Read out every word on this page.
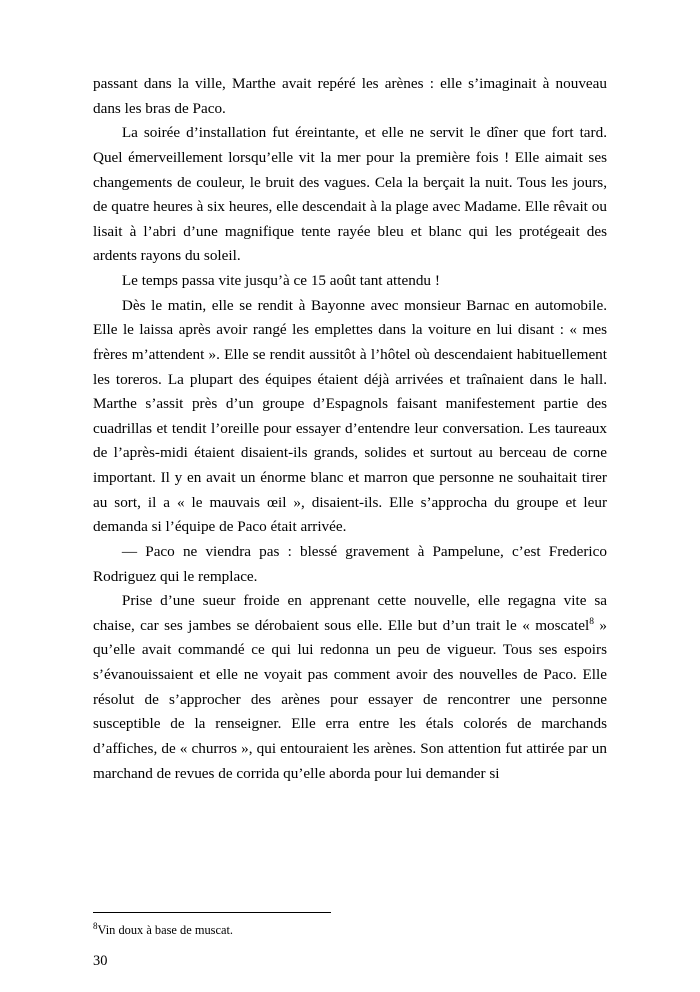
passant dans la ville, Marthe avait repéré les arènes : elle s’imaginait à nouveau dans les bras de Paco.

La soirée d’installation fut éreintante, et elle ne servit le dîner que fort tard. Quel émerveillement lorsqu’elle vit la mer pour la première fois ! Elle aimait ses changements de couleur, le bruit des vagues. Cela la berçait la nuit. Tous les jours, de quatre heures à six heures, elle descendait à la plage avec Madame. Elle rêvait ou lisait à l’abri d’une magnifique tente rayée bleu et blanc qui les protégeait des ardents rayons du soleil.

Le temps passa vite jusqu’à ce 15 août tant attendu !

Dès le matin, elle se rendit à Bayonne avec monsieur Barnac en automobile. Elle le laissa après avoir rangé les emplettes dans la voiture en lui disant : « mes frères m’attendent ». Elle se rendit aussitôt à l’hôtel où descendaient habituellement les toreros. La plupart des équipes étaient déjà arrivées et traînaient dans le hall. Marthe s’assit près d’un groupe d’Espagnols faisant manifestement partie des cuadrillas et tendit l’oreille pour essayer d’entendre leur conversation. Les taureaux de l’après-midi étaient disaient-ils grands, solides et surtout au berceau de corne important. Il y en avait un énorme blanc et marron que personne ne souhaitait tirer au sort, il a « le mauvais œil », disaient-ils. Elle s’approcha du groupe et leur demanda si l’équipe de Paco était arrivée.

— Paco ne viendra pas : blessé gravement à Pampelune, c’est Frederico Rodriguez qui le remplace.

Prise d’une sueur froide en apprenant cette nouvelle, elle regagna vite sa chaise, car ses jambes se dérobaient sous elle. Elle but d’un trait le « moscatel$^8$ » qu’elle avait commandé ce qui lui redonna un peu de vigueur. Tous ses espoirs s’évanouissaient et elle ne voyait pas comment avoir des nouvelles de Paco. Elle résolut de s’approcher des arènes pour essayer de rencontrer une personne susceptible de la renseigner. Elle erra entre les étals colorés de marchands d’affiches, de « churros », qui entouraient les arènes. Son attention fut attirée par un marchand de revues de corrida qu’elle aborda pour lui demander si

$^8$Vin doux à base de muscat.

30
